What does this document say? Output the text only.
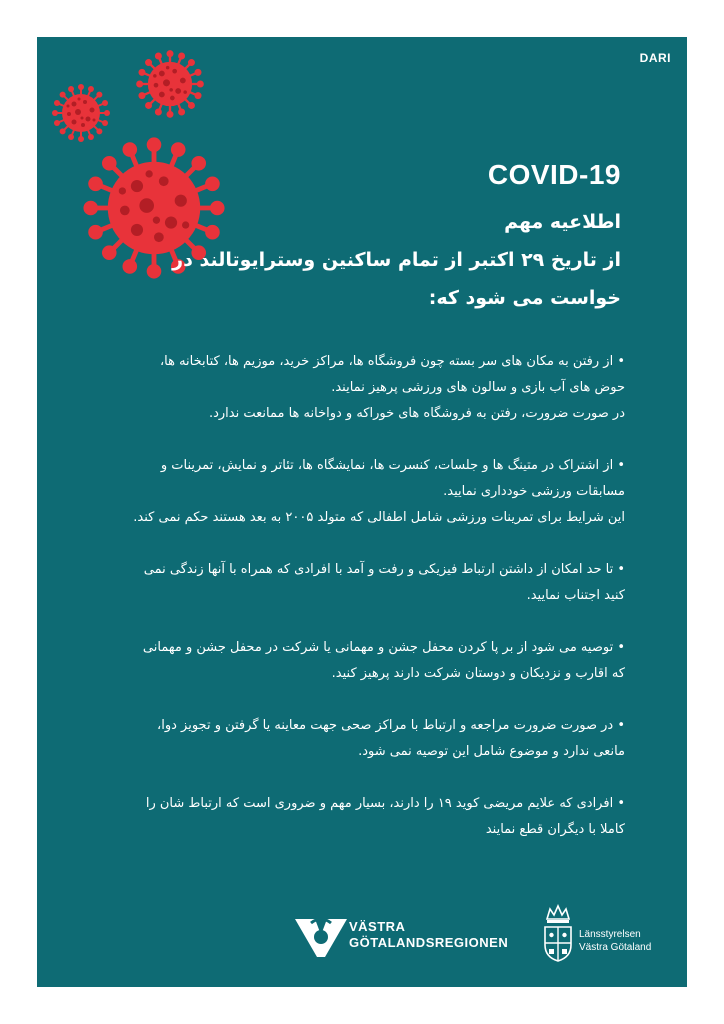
DARI
COVID-19
اطلاعیه مهم
از تاریخ ۲۹ اکتبر از تمام ساکنین وسترایوتالند در
خواست می شود که:
• از رفتن به مکان های سر بسته چون فروشگاه ها، مراکز خرید، موزیم ها، کتابخانه ها،
حوض های آب بازی و سالون های ورزشی پرهیز نمایند.
در صورت ضرورت، رفتن به فروشگاه های خوراکه و دواخانه ها ممانعت ندارد.
• از اشتراک در متینگ ها و جلسات، کنسرت ها، نمایشگاه ها، تئاتر و نمایش، تمرینات و
مسابقات ورزشی خودداری نمایید.
این شرایط برای تمرینات ورزشی شامل اطفالی که متولد ۲۰۰۵ به بعد هستند حکم نمی کند.
• تا حد امکان از داشتن ارتباط فیزیکی و رفت و آمد با افرادی که همراه با آنها زندگی نمی
کنید اجتناب نمایید.
• توصیه می شود از بر پا کردن محفل جشن و مهمانی یا شرکت در محفل جشن و مهمانی
که اقارب و نزدیکان و دوستان شرکت دارند پرهیز کنید.
• در صورت ضرورت مراجعه و ارتباط با مراکز صحی جهت معاینه یا گرفتن و تجویز دوا،
مانعی ندارد و موضوع شامل این توصیه نمی شود.
• افرادی که علایم مریضی کوید ۱۹ را دارند، بسیار مهم و ضروری است که ارتباط شان را
کاملا با دیگران قطع نمایند
VÄSTRA
GÖTALANDSREGIONEN
Länsstyrelsen
Västra Götaland
